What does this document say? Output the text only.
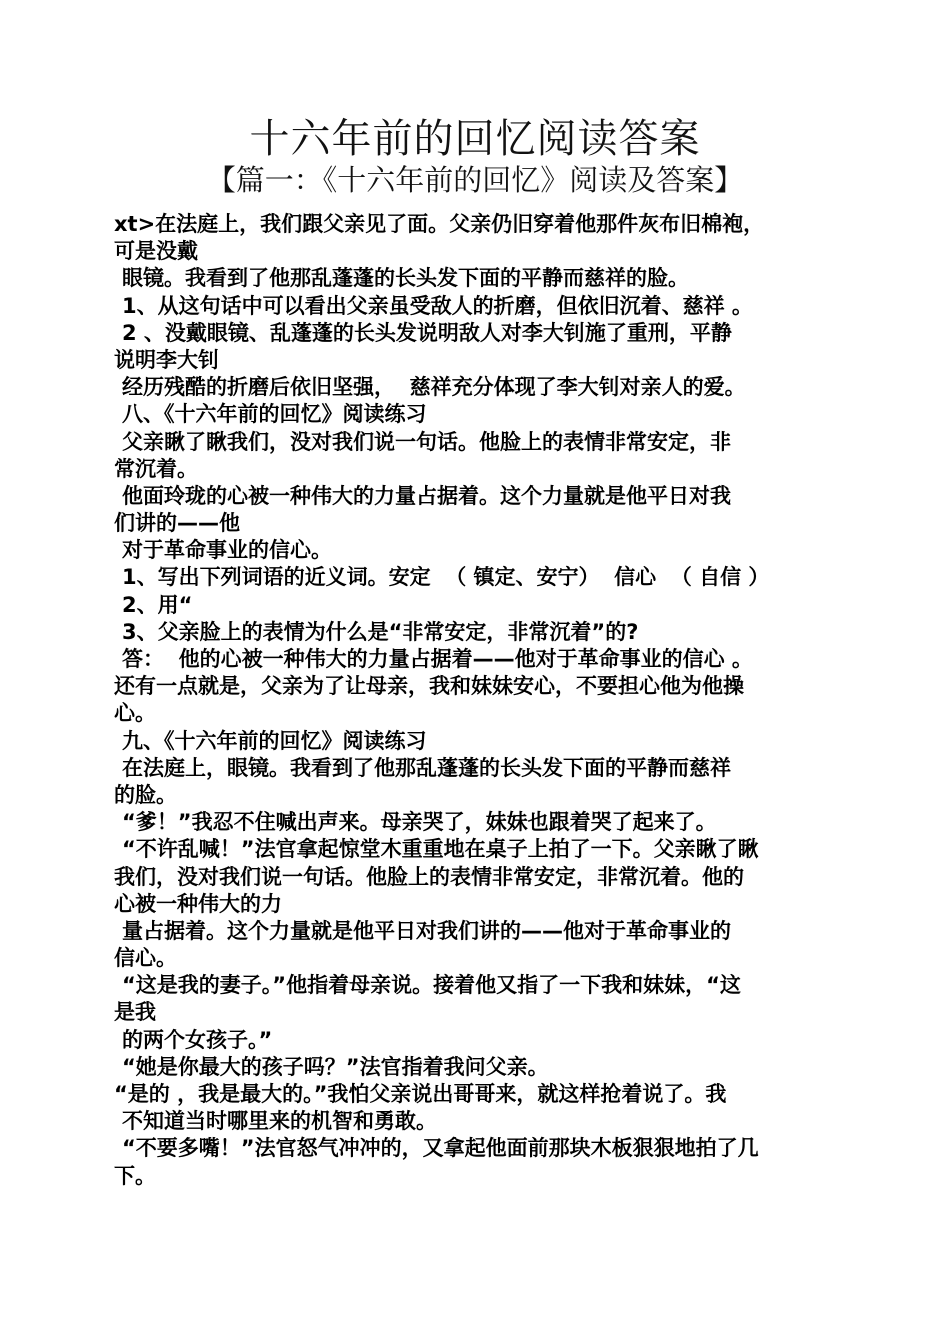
十六年前的回忆阅读答案
【篇一：《十六年前的回忆》阅读及答案】
xt>在法庭上，我们跟父亲见了面。父亲仍旧穿着他那件灰布旧棉袍，
可是没戴
眼镜。我看到了他那乱蓬蓬的长头发下面的平静而慈祥的脸。
1、从这句话中可以看出父亲虽受敌人的折磨，但依旧沉着、慈祥 。
2 、没戴眼镜、乱蓬蓬的长头发说明敌人对李大钊施了重刑，平静
说明李大钊
经历残酷的折磨后依旧坚强，  慈祥充分体现了李大钊对亲人的爱。
八、《十六年前的回忆》阅读练习
父亲瞅了瞅我们，没对我们说一句话。他脸上的表情非常安定，非
常沉着。
他面玲珑的心被一种伟大的力量占据着。这个力量就是他平日对我
们讲的——他
对于革命事业的信心。
1、写出下列词语的近义词。安定  （ 镇定、安宁）  信心  （ 自信 ）
2、用“
3、父亲脸上的表情为什么是“非常安定，非常沉着”的?
答：  他的心被一种伟大的力量占据着——他对于革命事业的信心 。
还有一点就是，父亲为了让母亲，我和妹妹安心，不要担心他为他操
心。
九、《十六年前的回忆》阅读练习
在法庭上，眼镜。我看到了他那乱蓬蓬的长头发下面的平静而慈祥
的脸。
“爹！”我忍不住喊出声来。母亲哭了，妹妹也跟着哭了起来了。
“不许乱喊！”法官拿起惊堂木重重地在桌子上拍了一下。父亲瞅了瞅
我们，没对我们说一句话。他脸上的表情非常安定，非常沉着。他的
心被一种伟大的力
量占据着。这个力量就是他平日对我们讲的——他对于革命事业的
信心。
“这是我的妻子。”他指着母亲说。接着他又指了一下我和妹妹，“这
是我
的两个女孩子。”
“她是你最大的孩子吗？”法官指着我问父亲。
“是的 ，我是最大的。”我怕父亲说出哥哥来，就这样抢着说了。我
不知道当时哪里来的机智和勇敢。
“不要多嘴！”法官怒气冲冲的，又拿起他面前那块木板狠狠地拍了几
下。
